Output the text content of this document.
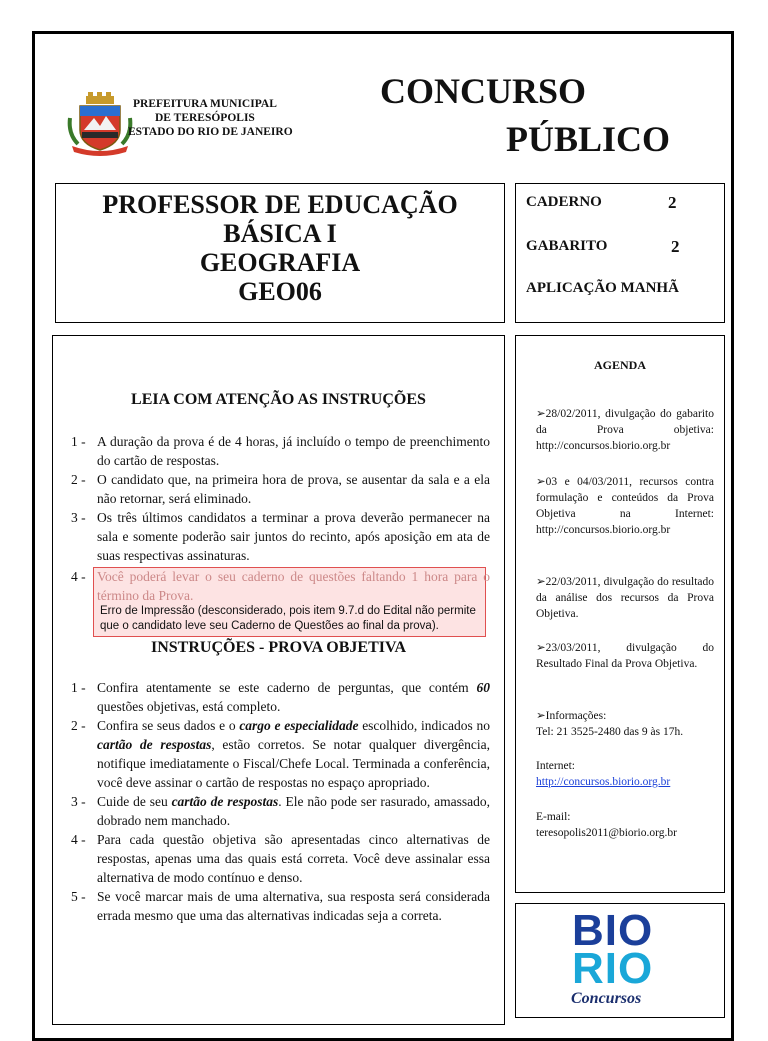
PREFEITURA MUNICIPAL
DE TERESÓPOLIS
ESTADO DO RIO DE JANEIRO
CONCURSO
PÚBLICO
PROFESSOR DE EDUCAÇÃO
BÁSICA I
GEOGRAFIA
GEO06
CADERNO	2
GABARITO	2
APLICAÇÃO MANHÃ
LEIA COM ATENÇÃO AS INSTRUÇÕES
1 - A duração da prova é de 4 horas, já incluído o tempo de preenchimento do cartão de respostas.
2 - O candidato que, na primeira hora de prova, se ausentar da sala e a ela não retornar, será eliminado.
3 - Os três últimos candidatos a terminar a prova deverão permanecer na sala e somente poderão sair juntos do recinto, após aposição em ata de suas respectivas assinaturas.
Erro de Impressão (desconsiderado, pois item 9.7.d do Edital não permite que o candidato leve seu Caderno de Questões ao final da prova).
4 - Você poderá levar o seu caderno de questões faltando 1 hora para o término da Prova.
INSTRUÇÕES - PROVA OBJETIVA
1 - Confira atentamente se este caderno de perguntas, que contém 60 questões objetivas, está completo.
2 - Confira se seus dados e o cargo e especialidade escolhido, indicados no cartão de respostas, estão corretos. Se notar qualquer divergência, notifique imediatamente o Fiscal/Chefe Local. Terminada a conferência, você deve assinar o cartão de respostas no espaço apropriado.
3 - Cuide de seu cartão de respostas. Ele não pode ser rasurado, amassado, dobrado nem manchado.
4 - Para cada questão objetiva são apresentadas cinco alternativas de respostas, apenas uma das quais está correta. Você deve assinalar essa alternativa de modo contínuo e denso.
5 - Se você marcar mais de uma alternativa, sua resposta será considerada errada mesmo que uma das alternativas indicadas seja a correta.
AGENDA
➢28/02/2011, divulgação do gabarito da Prova objetiva: http://concursos.biorio.org.br
➢03 e 04/03/2011, recursos contra formulação e conteúdos da Prova Objetiva na Internet: http://concursos.biorio.org.br
➢22/03/2011, divulgação do resultado da análise dos recursos da Prova Objetiva.
➢23/03/2011, divulgação do Resultado Final da Prova Objetiva.
➢Informações:
Tel: 21 3525-2480 das 9 às 17h.
Internet:
http://concursos.biorio.org.br
E-mail:
teresopolis2011@biorio.org.br
BIO
RIO
Concursos
